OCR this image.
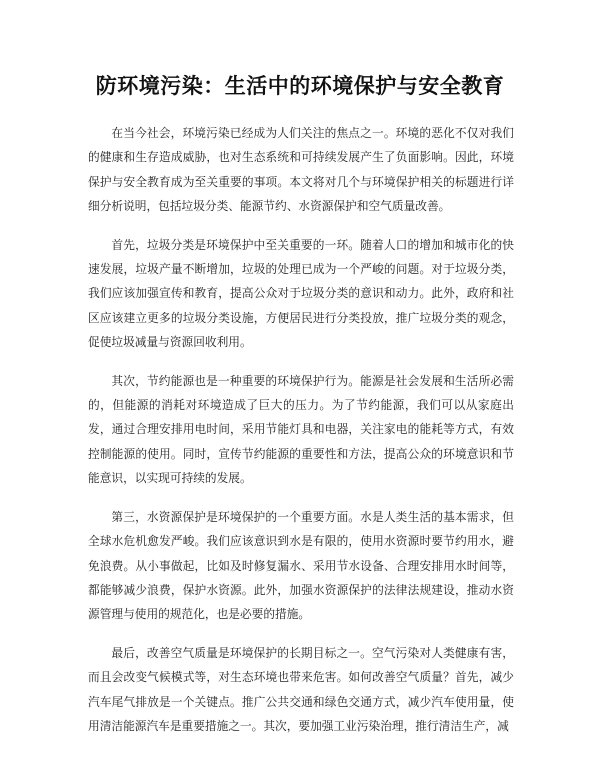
防环境污染：生活中的环境保护与安全教育

在当今社会，环境污染已经成为人们关注的焦点之一。环境的恶化不仅对我们的健康和生存造成威胁，也对生态系统和可持续发展产生了负面影响。因此，环境保护与安全教育成为至关重要的事项。本文将对几个与环境保护相关的标题进行详细分析说明，包括垃圾分类、能源节约、水资源保护和空气质量改善。

首先，垃圾分类是环境保护中至关重要的一环。随着人口的增加和城市化的快速发展，垃圾产量不断增加，垃圾的处理已成为一个严峻的问题。对于垃圾分类，我们应该加强宣传和教育，提高公众对于垃圾分类的意识和动力。此外，政府和社区应该建立更多的垃圾分类设施，方便居民进行分类投放，推广垃圾分类的观念，促使垃圾减量与资源回收利用。

其次，节约能源也是一种重要的环境保护行为。能源是社会发展和生活所必需的，但能源的消耗对环境造成了巨大的压力。为了节约能源，我们可以从家庭出发，通过合理安排用电时间，采用节能灯具和电器，关注家电的能耗等方式，有效控制能源的使用。同时，宣传节约能源的重要性和方法，提高公众的环境意识和节能意识，以实现可持续的发展。

第三，水资源保护是环境保护的一个重要方面。水是人类生活的基本需求，但全球水危机愈发严峻。我们应该意识到水是有限的，使用水资源时要节约用水，避免浪费。从小事做起，比如及时修复漏水、采用节水设备、合理安排用水时间等，都能够减少浪费，保护水资源。此外，加强水资源保护的法律法规建设，推动水资源管理与使用的规范化，也是必要的措施。

最后，改善空气质量是环境保护的长期目标之一。空气污染对人类健康有害，而且会改变气候模式等，对生态环境也带来危害。如何改善空气质量？首先，减少汽车尾气排放是一个关键点。推广公共交通和绿色交通方式，减少汽车使用量，使用清洁能源汽车是重要措施之一。其次，要加强工业污染治理，推行清洁生产，减
